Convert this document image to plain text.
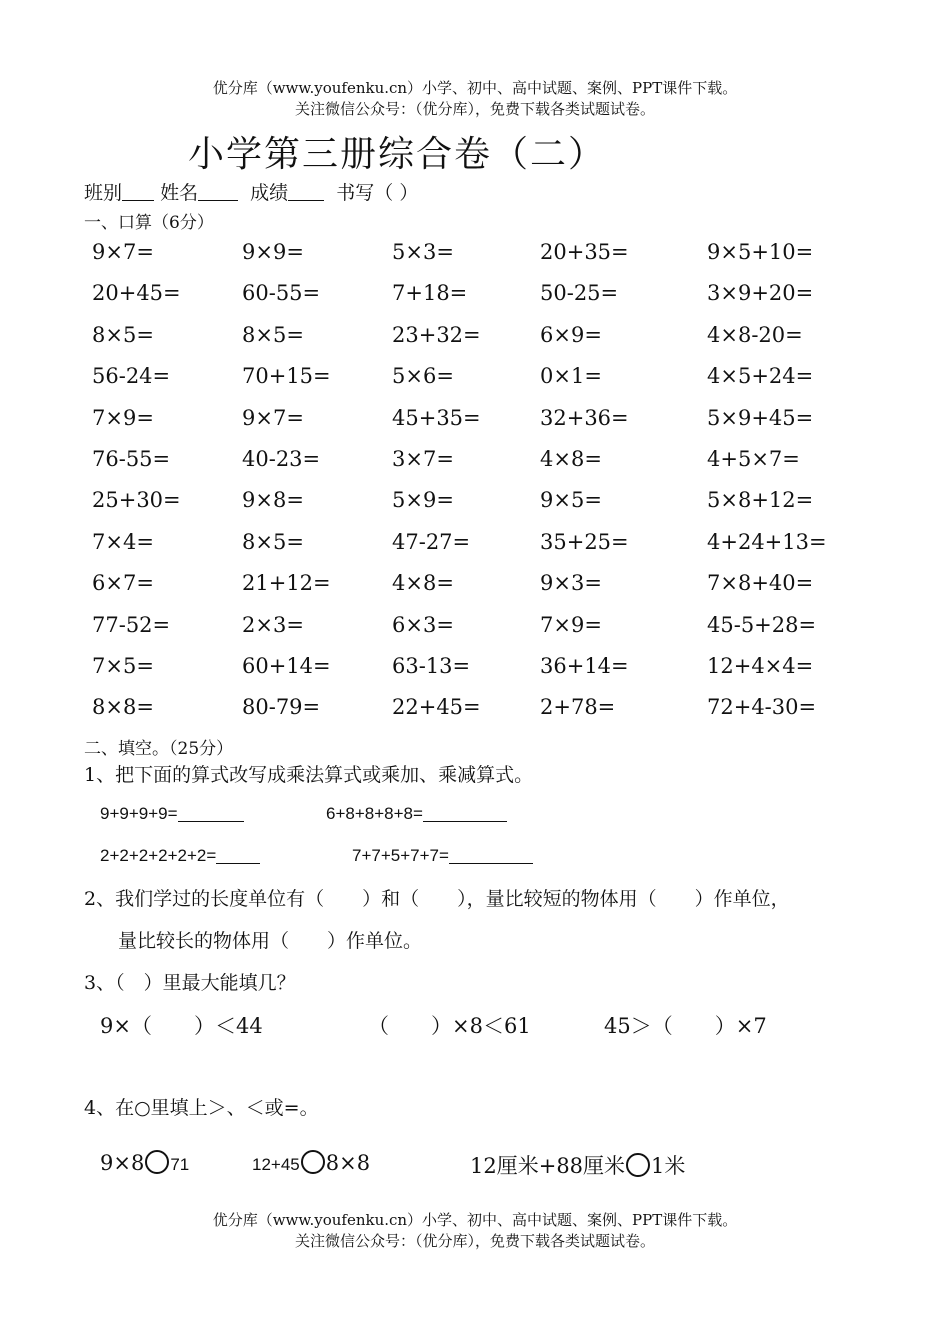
优分库（www.youfenku.cn）小学、初中、高中试题、案例、PPT课件下载。
关注微信公众号：（优分库），免费下载各类试题试卷。
小学第三册综合卷（二）
班别 姓名	成绩	书写（ ）
一、口算（6分）
9×7=	9×9=	5×3=	20+35=	9×5+10=
20+45=	60-55=	7+18=	50-25=	3×9+20=
8×5=	8×5=	23+32=	6×9=	4×8-20=
56-24=	70+15=	5×6=	0×1=	4×5+24=
7×9=	9×7=	45+35=	32+36=	5×9+45=
76-55=	40-23=	3×7=	4×8=	4+5×7=
25+30=	9×8=	5×9=	9×5=	5×8+12=
7×4=	8×5=	47-27=	35+25=	4+24+13=
6×7=	21+12=	4×8=	9×3=	7×8+40=
77-52=	2×3=	6×3=	7×9=	45-5+28=
7×5=	60+14=	63-13=	36+14=	12+4×4=
8×8=	80-79=	22+45=	2+78=	72+4-30=
二、填空。（25分）
1、把下面的算式改写成乘法算式或乘加、乘减算式。
9+9+9+9=	6+8+8+8+8=
2+2+2+2+2+2=	7+7+5+7+7=
2、我们学过的长度单位有（　　）和（　　），量比较短的物体用（　　）作单位，
量比较长的物体用（　　）作单位。
3、（　）里最大能填几？
9×（　　）＜44	（　　）×8＜61	45＞（　　）×7
4、在○里填上＞、＜或=。
9×8 71	12+45 8×8	12厘米+88厘米 1米
优分库（www.youfenku.cn）小学、初中、高中试题、案例、PPT课件下载。
关注微信公众号：（优分库），免费下载各类试题试卷。
